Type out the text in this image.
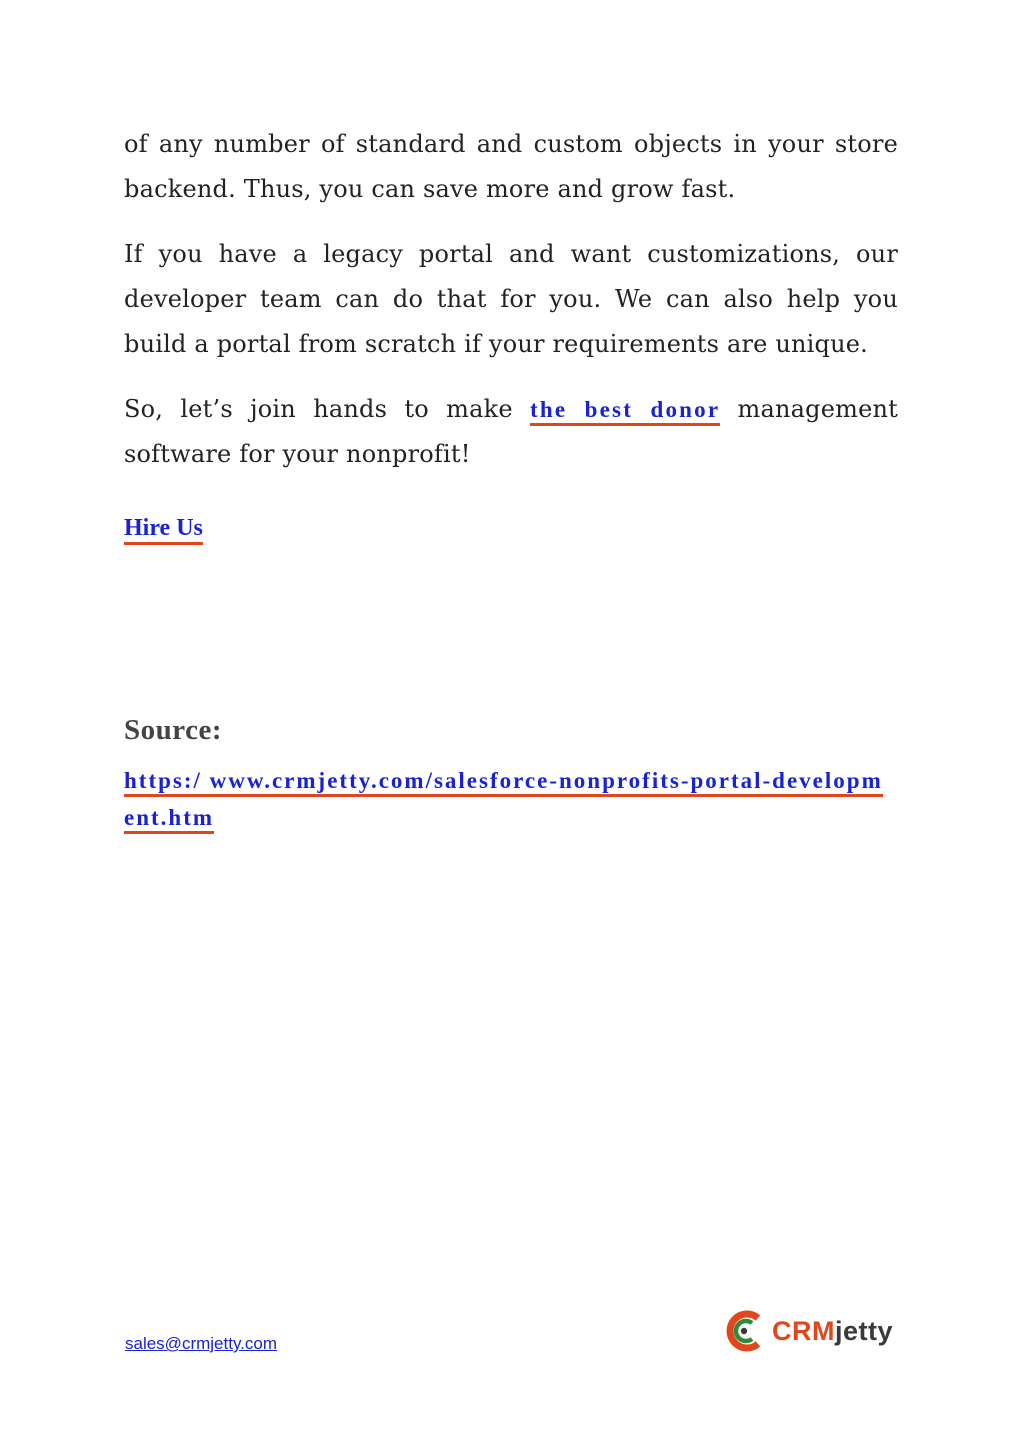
of any number of standard and custom objects in your store backend. Thus, you can save more and grow fast.

If you have a legacy portal and want customizations, our developer team can do that for you. We can also help you build a portal from scratch if your requirements are unique.

So, let’s join hands to make the best donor management software for your nonprofit!

Hire Us
Source:
https:/ www.crmjetty.com/salesforce-nonprofits-portal-development.htm
sales@crmjetty.com	CRMjetty
